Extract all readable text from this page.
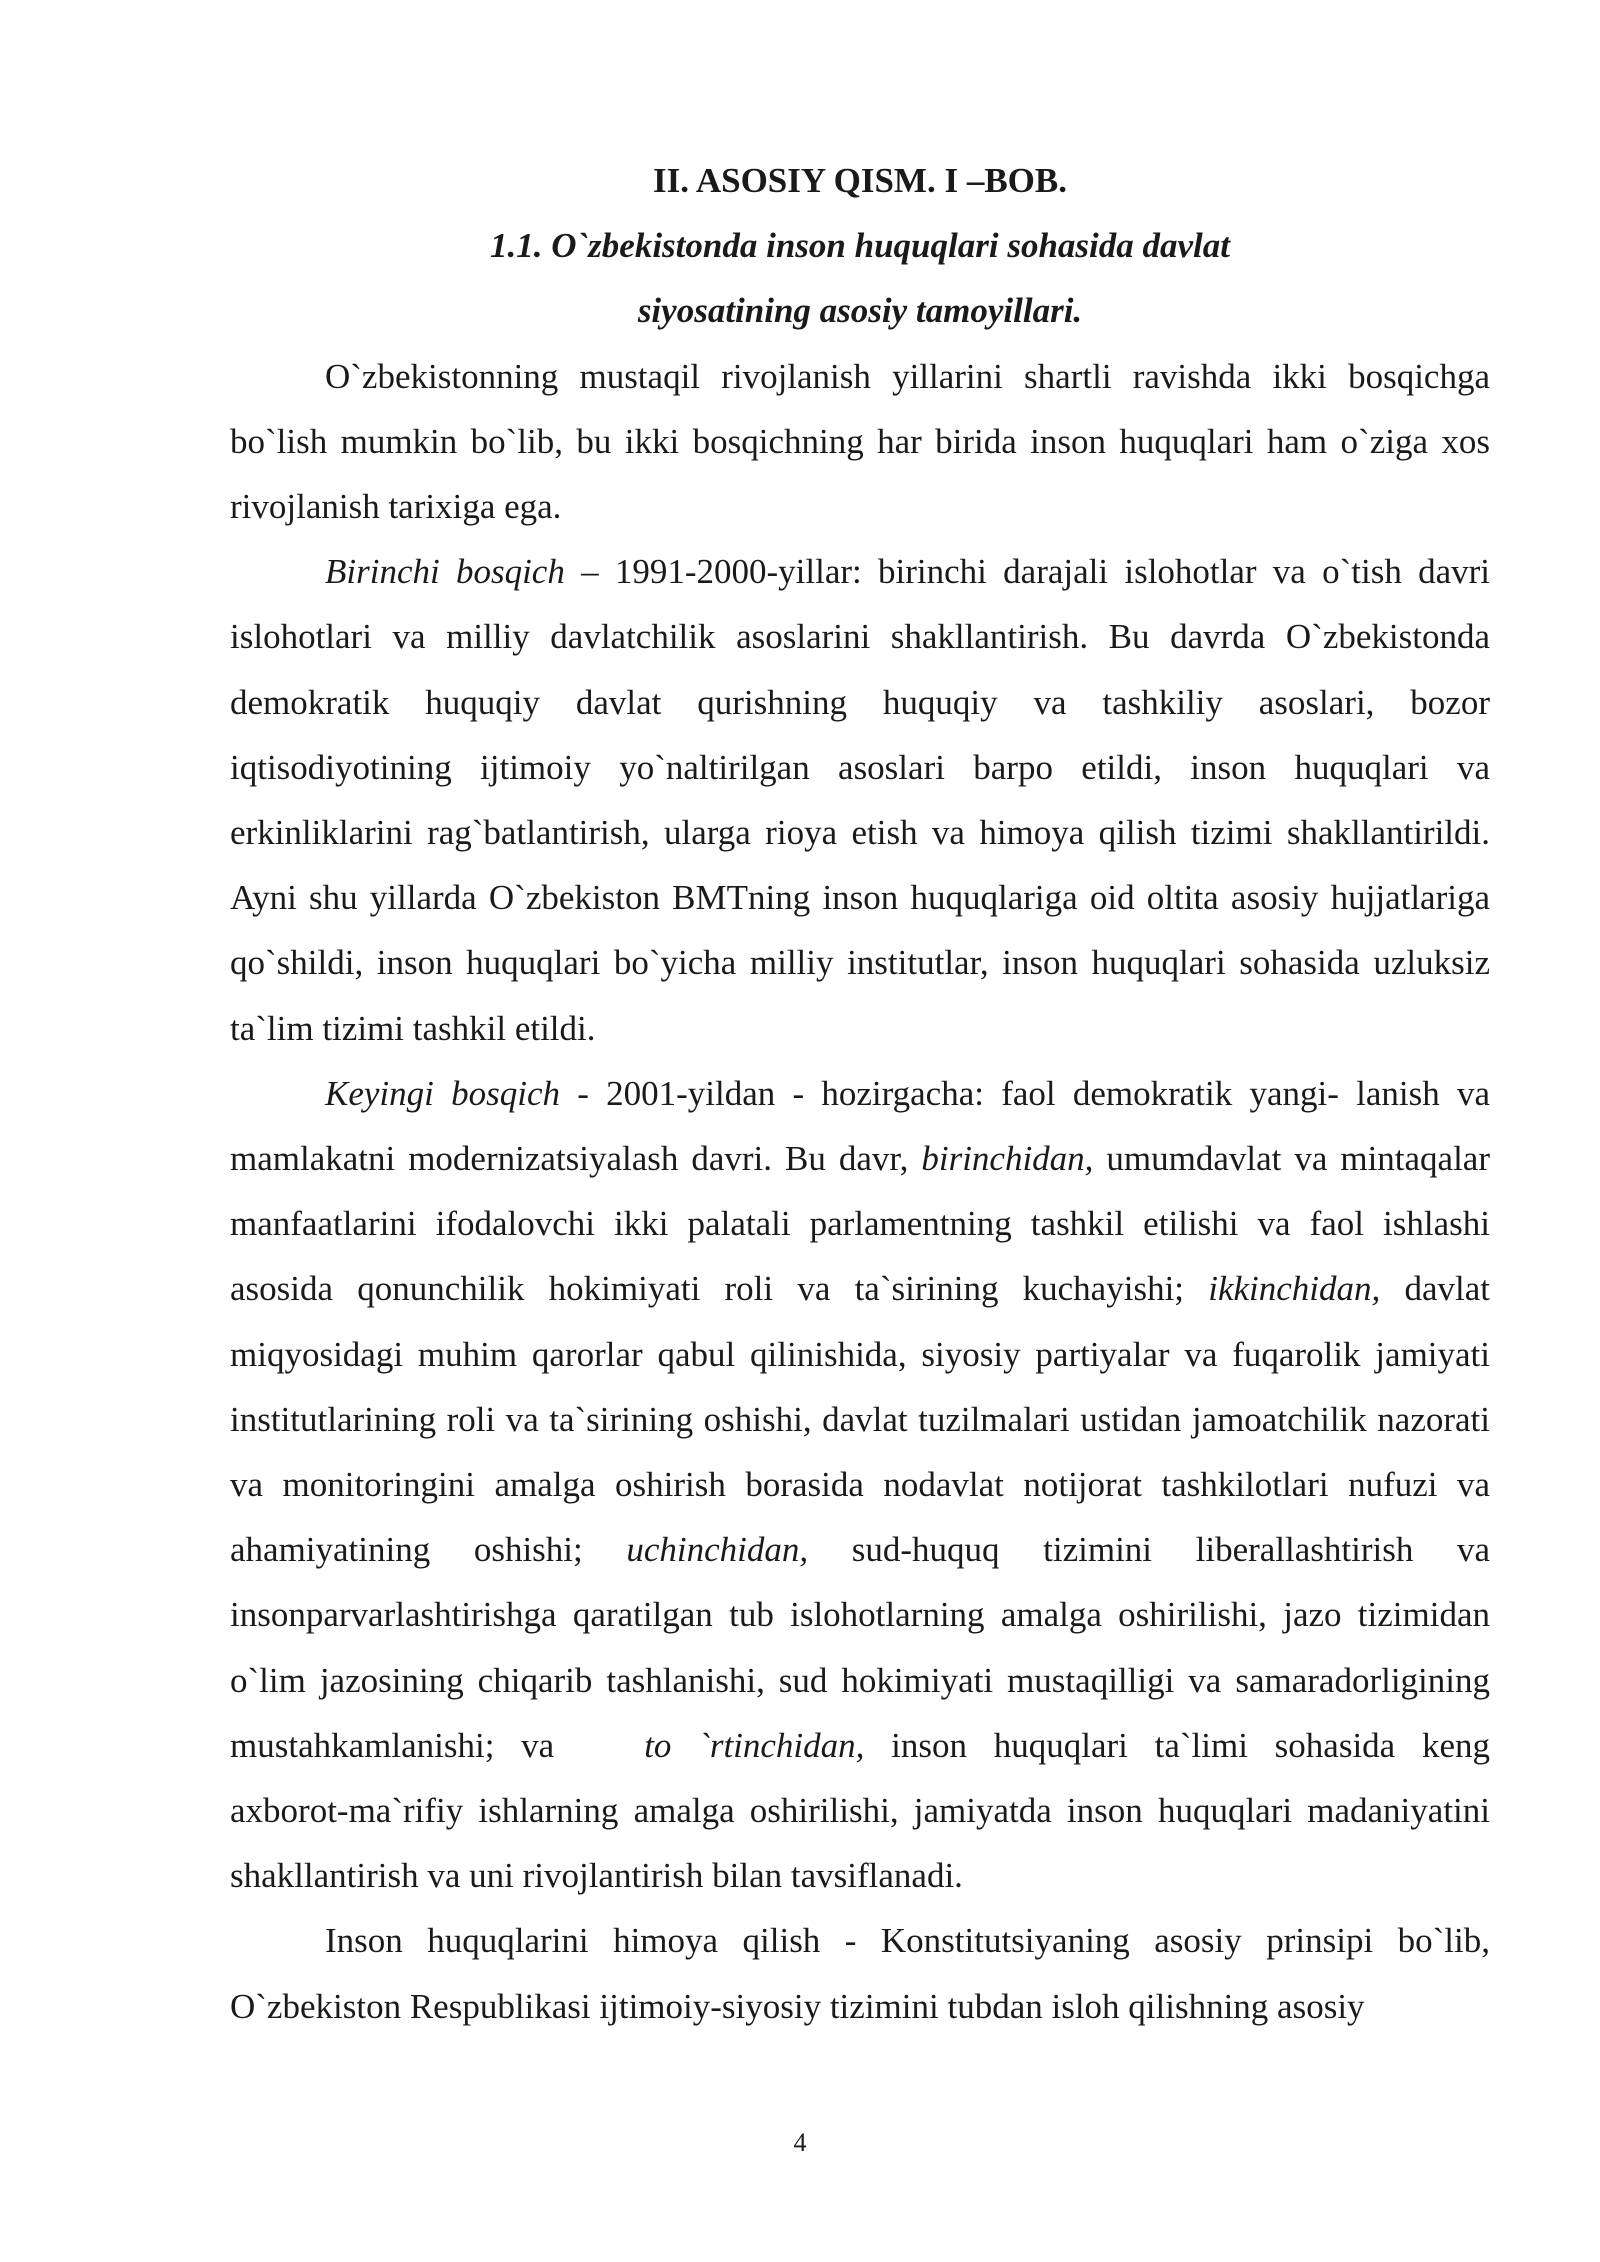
II. ASOSIY QISM. I –BOB.

1.1. O`zbekistonda inson huquqlari sohasida davlat
siyosatining asosiy tamoyillari.

O`zbekistonning mustaqil rivojlanish yillarini shartli ravishda ikki bosqichga bo`lish mumkin bo`lib, bu ikki bosqichning har birida inson huquqlari ham o`ziga xos rivojlanish tarixiga ega.

Birinchi bosqich – 1991-2000-yillar: birinchi darajali islohotlar va o`tish davri islohotlari va milliy davlatchilik asoslarini shakllantirish. Bu davrda O`zbekistonda demokratik huquqiy davlat qurishning huquqiy va tashkiliy asoslari, bozor iqtisodiyotining ijtimoiy yo`naltirilgan asoslari barpo etildi, inson huquqlari va erkinliklarini rag`batlantirish, ularga rioya etish va himoya qilish tizimi shakllantirildi. Ayni shu yillarda O`zbekiston BMTning inson huquqlariga oid oltita asosiy hujjatlariga qo`shildi, inson huquqlari bo`yicha milliy institutlar, inson huquqlari sohasida uzluksiz ta`lim tizimi tashkil etildi.

Keyingi bosqich - 2001-yildan - hozirgacha: faol demokratik yangi- lanish va mamlakatni modernizatsiyalash davri. Bu davr, birinchidan, umumdavlat va mintaqalar manfaatlarini ifodalovchi ikki palatali parlamentning tashkil etilishi va faol ishlashi asosida qonunchilik hokimiyati roli va ta`sirining kuchayishi; ikkinchidan, davlat miqyosidagi muhim qarorlar qabul qilinishida, siyosiy partiyalar va fuqarolik jamiyati institutlarining roli va ta`sirining oshishi, davlat tuzilmalari ustidan jamoatchilik nazorati va monitoringini amalga oshirish borasida nodavlat notijorat tashkilotlari nufuzi va ahamiyatining oshishi; uchinchidan, sud-huquq tizimini liberallashtirish va insonparvarlashtirishga qaratilgan tub islohotlarning amalga oshirilishi, jazo tizimidan o`lim jazosining chiqarib tashlanishi, sud hokimiyati mustaqilligi va samaradorligining mustahkamlanishi; va	to `rtinchidan, inson huquqlari ta`limi sohasida keng axborot-ma`rifiy ishlarning amalga oshirilishi, jamiyatda inson huquqlari madaniyatini shakllantirish va uni rivojlantirish bilan tavsiflanadi.

Inson huquqlarini himoya qilish - Konstitutsiyaning asosiy prinsipi bo`lib, O`zbekiston Respublikasi ijtimoiy-siyosiy tizimini tubdan isloh qilishning asosiy

4
